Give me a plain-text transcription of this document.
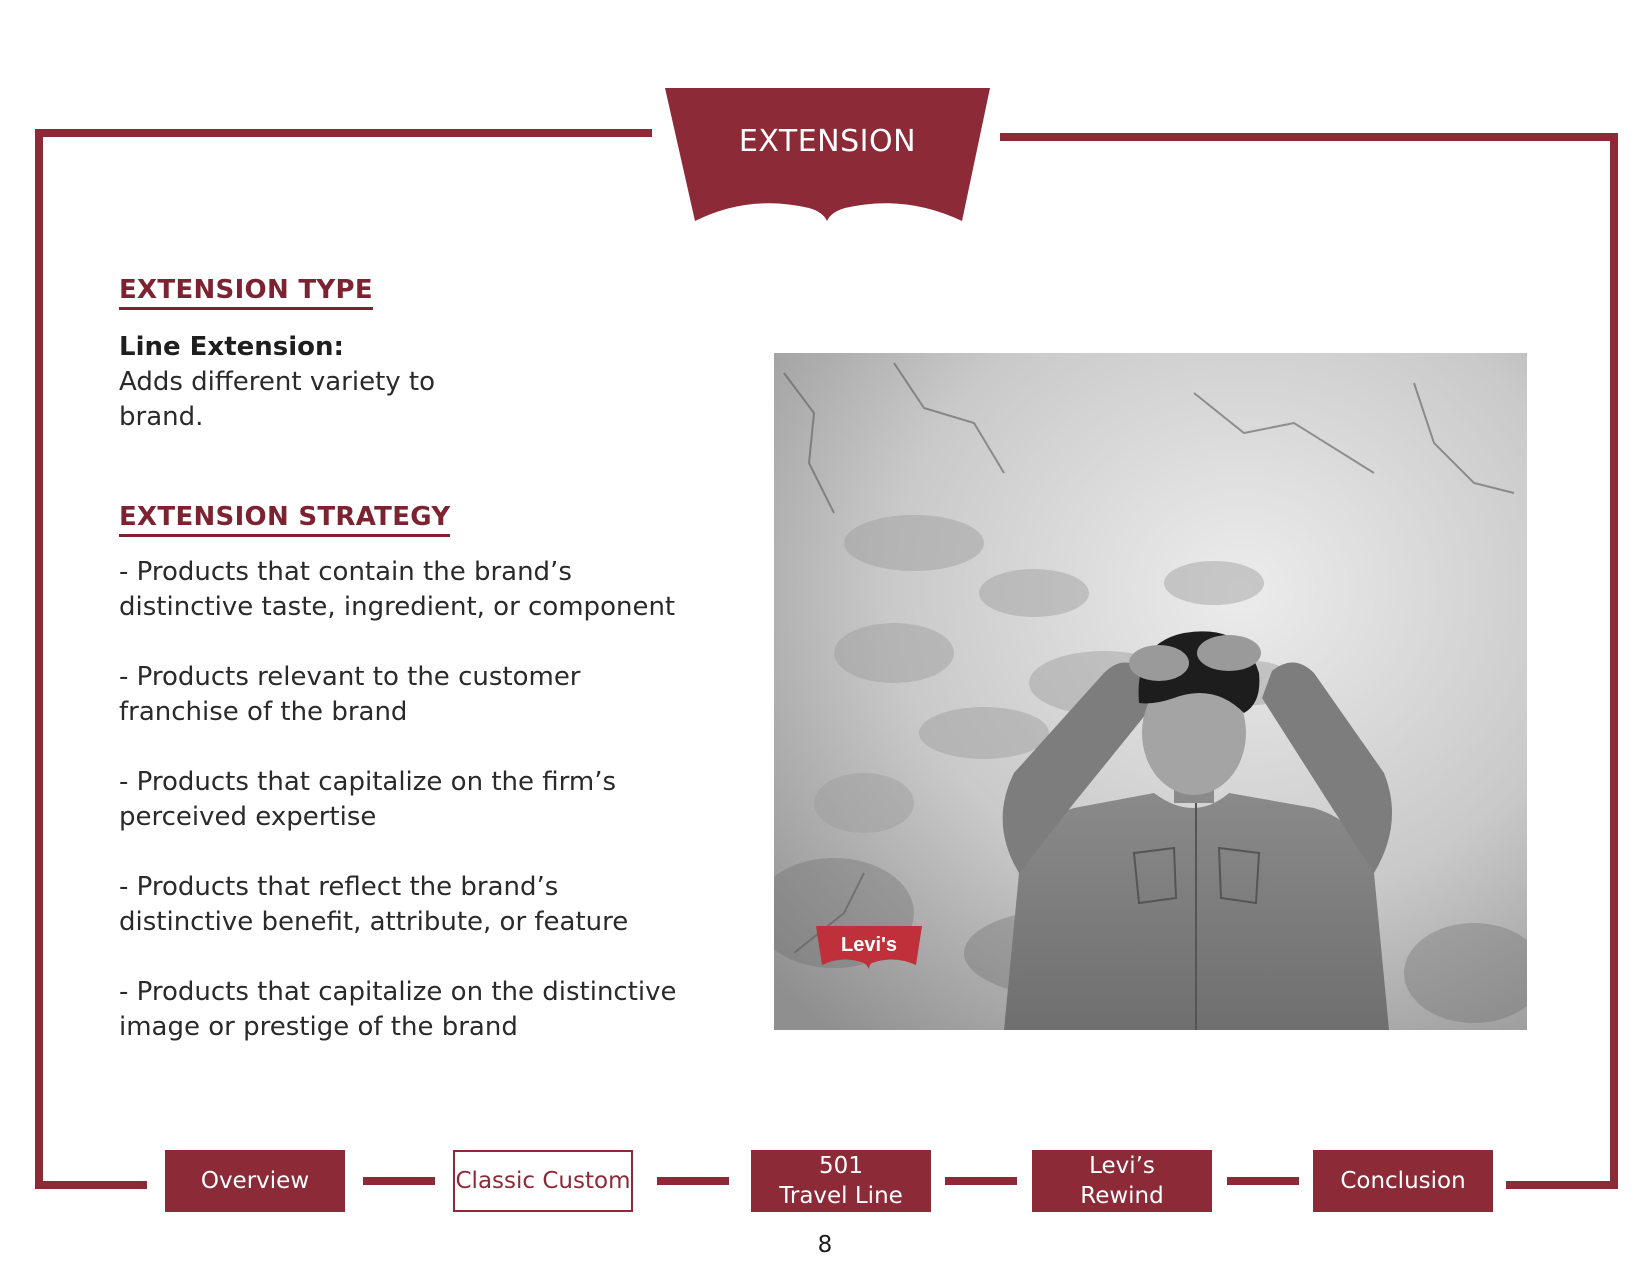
EXTENSION
EXTENSION TYPE
Line Extension:
Adds different variety to brand.
EXTENSION STRATEGY
- Products that contain the brand’s distinctive taste, ingredient, or component
- Products relevant to the customer franchise of the brand
- Products that capitalize on the firm’s perceived expertise
- Products that reflect the brand’s distinctive benefit, attribute, or feature
- Products that capitalize on the distinctive image or prestige of the brand
Levi's
Overview	Classic Custom
501
Travel Line
Levi’s
Rewind
Conclusion
8
